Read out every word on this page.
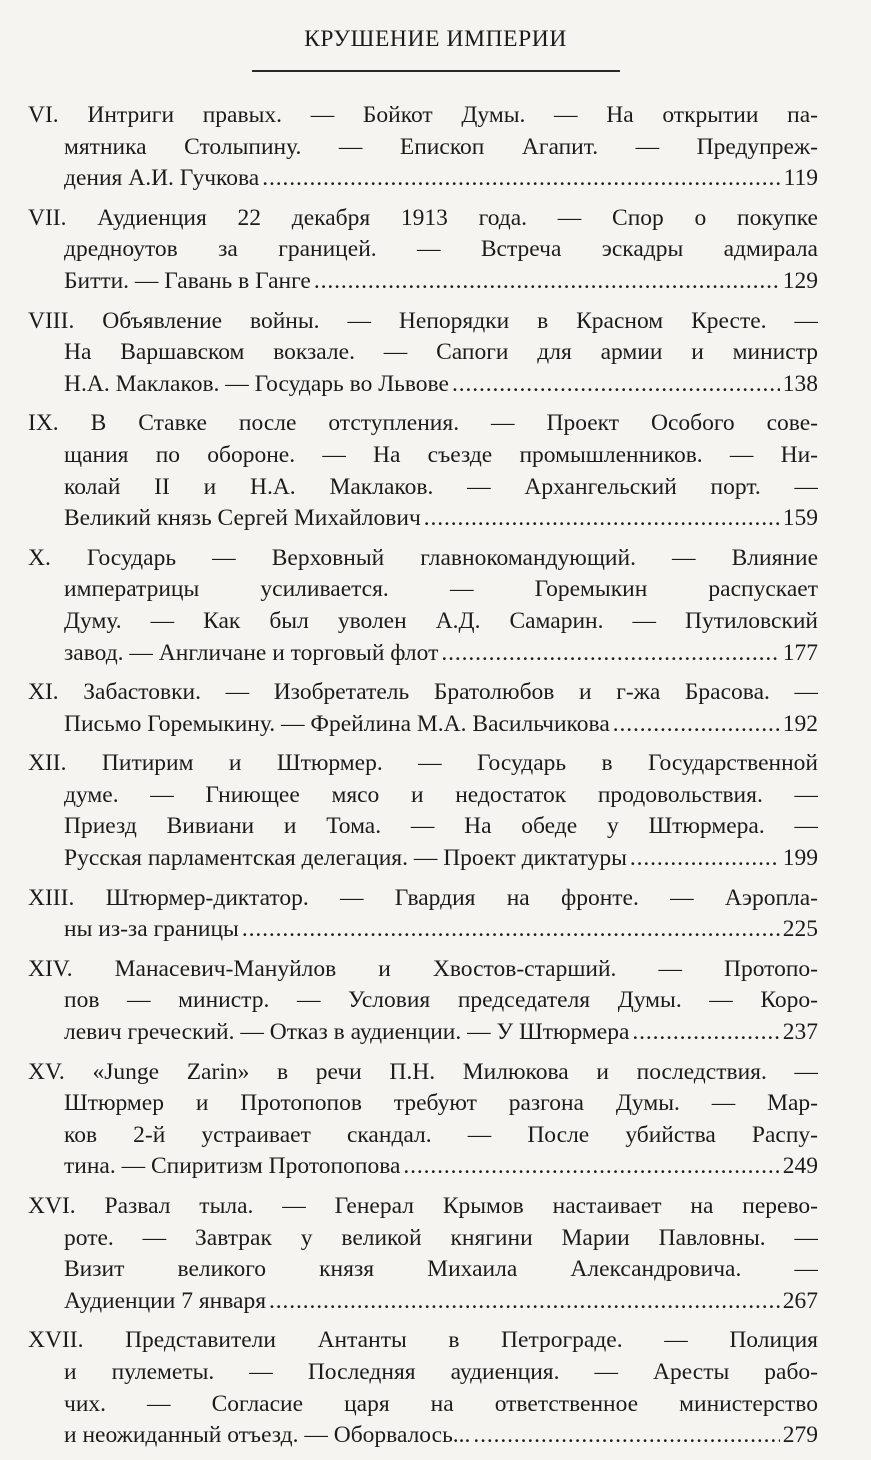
КРУШЕНИЕ ИМПЕРИИ
VI. Интриги правых. — Бойкот Думы. — На открытии па-
мятника Столыпину. — Епископ Агапит. — Предупреж-
дения А.И. Гучкова . . .	119
VII. Аудиенция 22 декабря 1913 года. — Спор о покупке
дредноутов за границей. — Встреча эскадры адмирала
Битти. — Гавань в Ганге . . .	129
VIII. Объявление войны. — Непорядки в Красном Кресте. —
На Варшавском вокзале. — Сапоги для армии и министр
Н.А. Маклаков. — Государь во Львове . . .	138
IX. В Ставке после отступления. — Проект Особого сове-
щания по обороне. — На съезде промышленников. — Ни-
колай II и Н.А. Маклаков. — Архангельский порт. —
Великий князь Сергей Михайлович . . .	159
X. Государь — Верховный главнокомандующий. — Влияние
императрицы усиливается. — Горемыкин распускает
Думу. — Как был уволен А.Д. Самарин. — Путиловский
завод. — Англичане и торговый флот . . .	177
XI. Забастовки. — Изобретатель Братолюбов и г-жа Брасова. —
Письмо Горемыкину. — Фрейлина М.А. Васильчикова . . .	192
XII. Питирим и Штюрмер. — Государь в Государственной
думе. — Гниющее мясо и недостаток продовольствия. —
Приезд Вивиани и Тома. — На обеде у Штюрмера. —
Русская парламентская делегация. — Проект диктатуры . . .	199
XIII. Штюрмер-диктатор. — Гвардия на фронте. — Аэропла-
ны из-за границы . . .	225
XIV. Манасевич-Мануйлов и Хвостов-старший. — Протопо-
пов — министр. — Условия председателя Думы. — Коро-
левич греческий. — Отказ в аудиенции. — У Штюрмера . . .	237
XV. «Junge Zarin» в речи П.Н. Милюкова и последствия. —
Штюрмер и Протопопов требуют разгона Думы. — Мар-
ков 2-й устраивает скандал. — После убийства Распу-
тина. — Спиритизм Протопопова . . .	249
XVI. Развал тыла. — Генерал Крымов настаивает на перево-
роте. — Завтрак у великой княгини Марии Павловны. —
Визит великого князя Михаила Александровича. —
Аудиенции 7 января . . .	267
XVII. Представители Антанты в Петрограде. — Полиция
и пулеметы. — Последняя аудиенция. — Аресты рабо-
чих. — Согласие царя на ответственное министерство
и неожиданный отъезд. — Оборвалось... . . .	279
